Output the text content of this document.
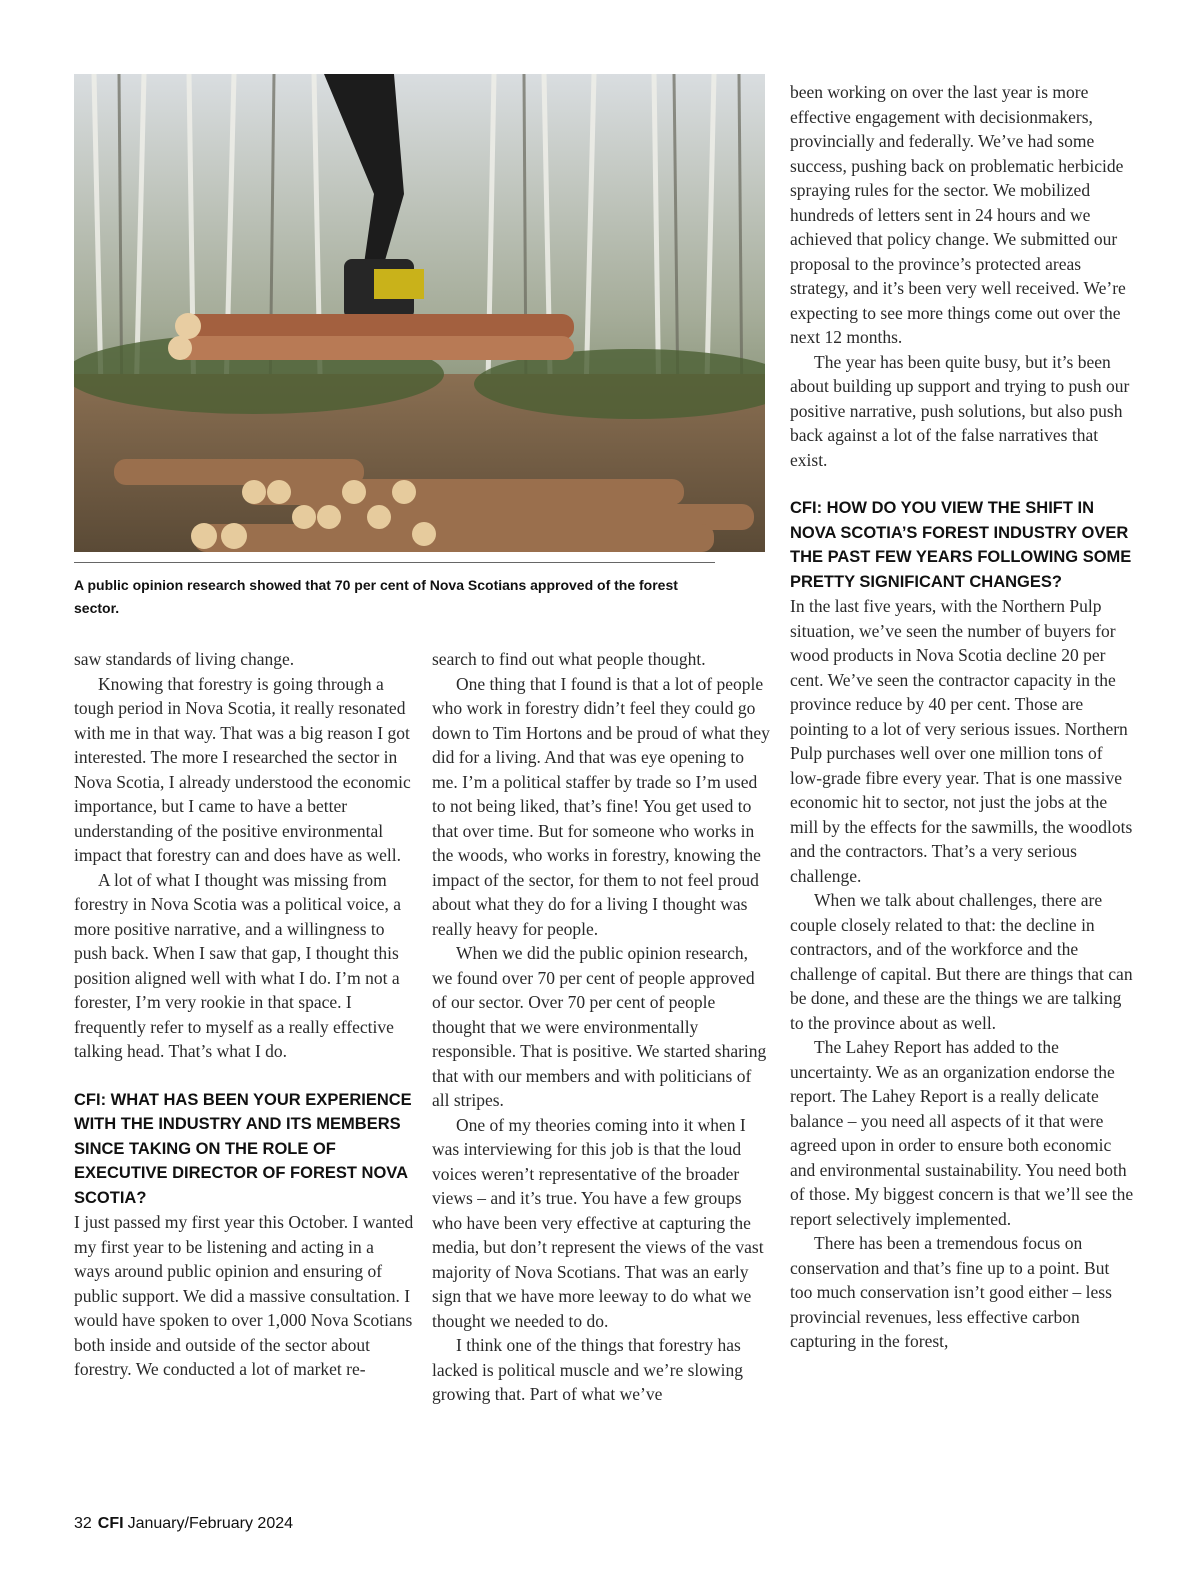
A public opinion research showed that 70 per cent of Nova Scotians approved of the forest sector.

saw standards of living change.

Knowing that forestry is going through a tough period in Nova Scotia, it really resonated with me in that way. That was a big reason I got interested. The more I researched the sector in Nova Scotia, I already understood the economic importance, but I came to have a better understanding of the positive environmental impact that forestry can and does have as well.

A lot of what I thought was missing from forestry in Nova Scotia was a political voice, a more positive narrative, and a willingness to push back. When I saw that gap, I thought this position aligned well with what I do. I’m not a forester, I’m very rookie in that space. I frequently refer to myself as a really effective talking head. That’s what I do.

CFI: WHAT HAS BEEN YOUR EXPERIENCE WITH THE INDUSTRY AND ITS MEMBERS SINCE TAKING ON THE ROLE OF EXECUTIVE DIRECTOR OF FOREST NOVA SCOTIA?

I just passed my first year this October. I wanted my first year to be listening and acting in a ways around public opinion and ensuring of public support. We did a massive consultation. I would have spoken to over 1,000 Nova Scotians both inside and outside of the sector about forestry. We conducted a lot of market re-

search to find out what people thought.

One thing that I found is that a lot of people who work in forestry didn’t feel they could go down to Tim Hortons and be proud of what they did for a living. And that was eye opening to me. I’m a political staffer by trade so I’m used to not being liked, that’s fine! You get used to that over time. But for someone who works in the woods, who works in forestry, knowing the impact of the sector, for them to not feel proud about what they do for a living I thought was really heavy for people.

When we did the public opinion research, we found over 70 per cent of people approved of our sector. Over 70 per cent of people thought that we were environmentally responsible. That is positive. We started sharing that with our members and with politicians of all stripes.

One of my theories coming into it when I was interviewing for this job is that the loud voices weren’t representative of the broader views – and it’s true. You have a few groups who have been very effective at capturing the media, but don’t represent the views of the vast majority of Nova Scotians. That was an early sign that we have more leeway to do what we thought we needed to do.

I think one of the things that forestry has lacked is political muscle and we’re slowing growing that. Part of what we’ve

been working on over the last year is more effective engagement with decisionmakers, provincially and federally. We’ve had some success, pushing back on problematic herbicide spraying rules for the sector. We mobilized hundreds of letters sent in 24 hours and we achieved that policy change. We submitted our proposal to the province’s protected areas strategy, and it’s been very well received. We’re expecting to see more things come out over the next 12 months.

The year has been quite busy, but it’s been about building up support and trying to push our positive narrative, push solutions, but also push back against a lot of the false narratives that exist.

CFI: HOW DO YOU VIEW THE SHIFT IN NOVA SCOTIA’S FOREST INDUSTRY OVER THE PAST FEW YEARS FOLLOWING SOME PRETTY SIGNIFICANT CHANGES?

In the last five years, with the Northern Pulp situation, we’ve seen the number of buyers for wood products in Nova Scotia decline 20 per cent. We’ve seen the contractor capacity in the province reduce by 40 per cent. Those are pointing to a lot of very serious issues. Northern Pulp purchases well over one million tons of low-grade fibre every year. That is one massive economic hit to sector, not just the jobs at the mill by the effects for the sawmills, the woodlots and the contractors. That’s a very serious challenge.

When we talk about challenges, there are couple closely related to that: the decline in contractors, and of the workforce and the challenge of capital. But there are things that can be done, and these are the things we are talking to the province about as well.

The Lahey Report has added to the uncertainty. We as an organization endorse the report. The Lahey Report is a really delicate balance – you need all aspects of it that were agreed upon in order to ensure both economic and environmental sustainability. You need both of those. My biggest concern is that we’ll see the report selectively implemented.

There has been a tremendous focus on conservation and that’s fine up to a point. But too much conservation isn’t good either – less provincial revenues, less effective carbon capturing in the forest,

32 CFI January/February 2024
